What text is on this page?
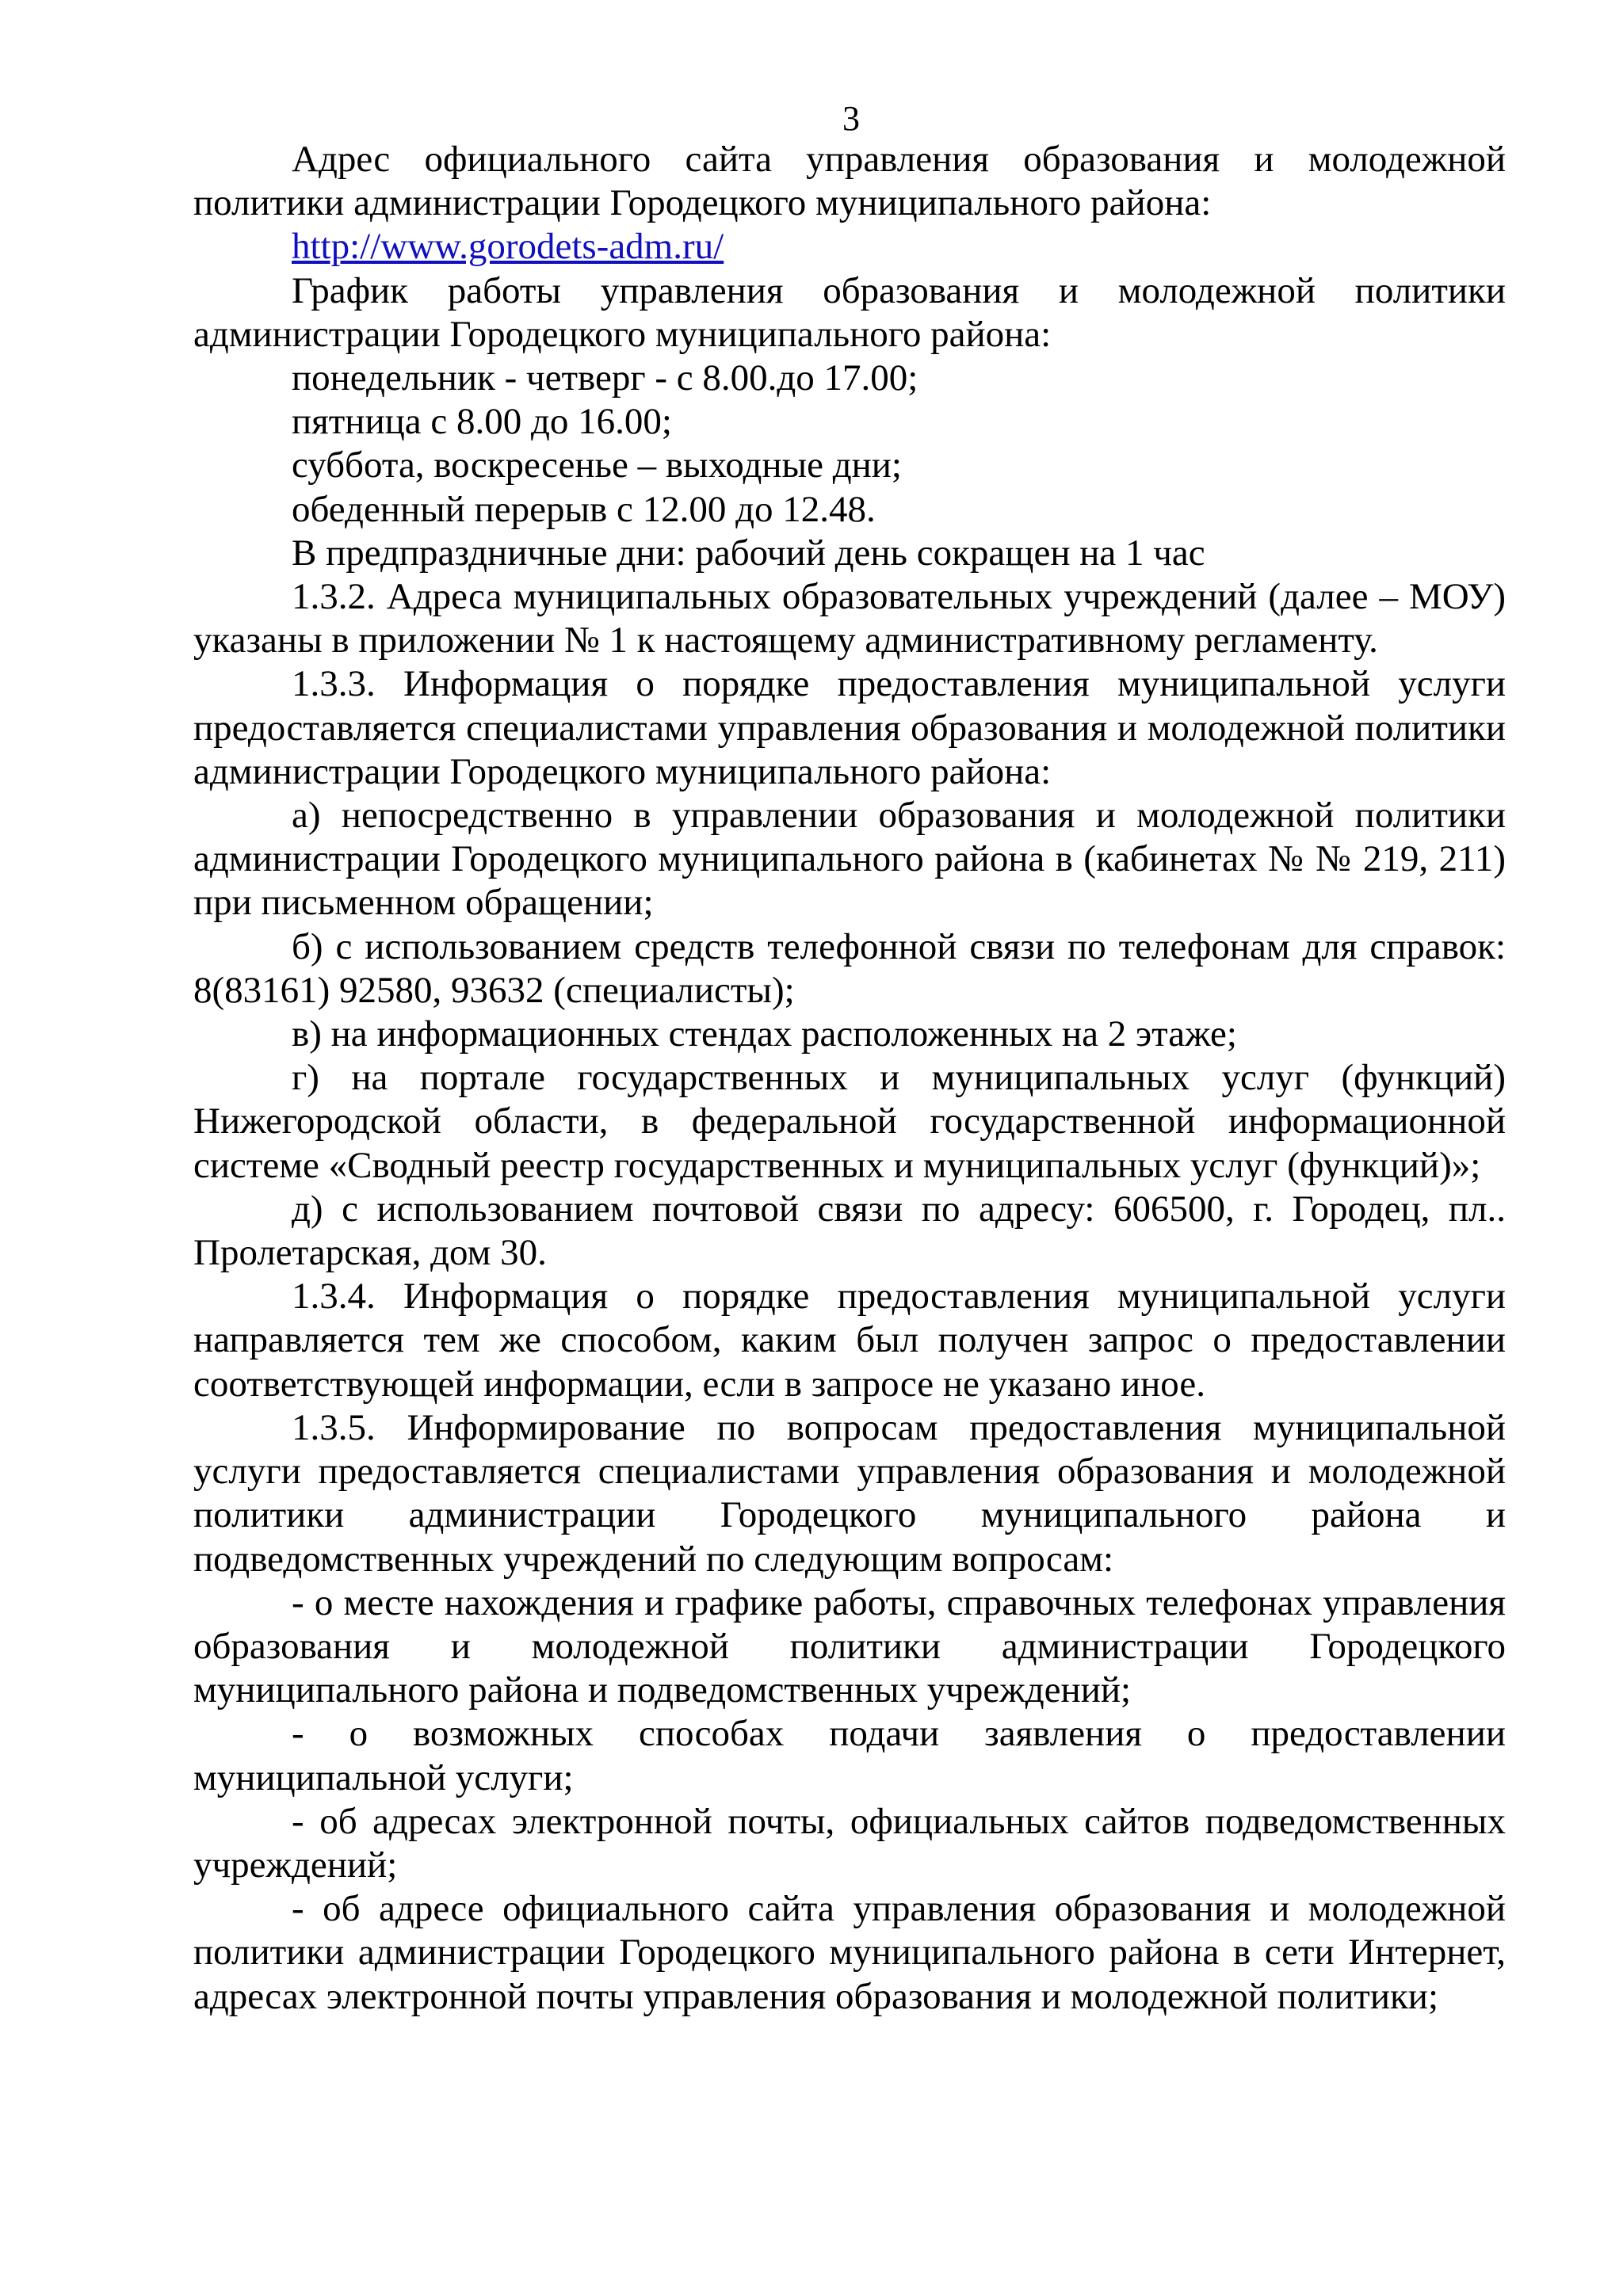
3

Адрес официального сайта управления образования и молодежной политики администрации Городецкого муниципального района:

http://www.gorodets-adm.ru/

График работы управления образования и молодежной политики администрации Городецкого муниципального района:

понедельник - четверг - с 8.00.до 17.00;

пятница с 8.00 до 16.00;

суббота, воскресенье – выходные дни;

обеденный перерыв с 12.00 до 12.48.

В предпраздничные дни: рабочий день сокращен на 1 час

1.3.2. Адреса муниципальных образовательных учреждений (далее – МОУ) указаны в приложении № 1 к настоящему административному регламенту.

1.3.3. Информация о порядке предоставления муниципальной услуги предоставляется специалистами управления образования и молодежной политики администрации Городецкого муниципального района:

а) непосредственно в управлении образования и молодежной политики администрации Городецкого муниципального района в (кабинетах № № 219, 211) при письменном обращении;

б) с использованием средств телефонной связи по телефонам для справок: 8(83161) 92580, 93632 (специалисты);

в) на информационных стендах расположенных на 2 этаже;

г) на портале государственных и муниципальных услуг (функций) Нижегородской области, в федеральной государственной информационной системе «Сводный реестр государственных и муниципальных услуг (функций)»;

д) с использованием почтовой связи по адресу: 606500, г. Городец, пл.. Пролетарская, дом 30.

1.3.4. Информация о порядке предоставления муниципальной услуги направляется тем же способом, каким был получен запрос о предоставлении соответствующей информации, если в запросе не указано иное.

1.3.5. Информирование по вопросам предоставления муниципальной услуги предоставляется специалистами управления образования и молодежной политики администрации Городецкого муниципального района и подведомственных учреждений по следующим вопросам:

- о месте нахождения и графике работы, справочных телефонах управления образования и молодежной политики администрации Городецкого муниципального района и подведомственных учреждений;

- о возможных способах подачи заявления о предоставлении муниципальной услуги;

- об адресах электронной почты, официальных сайтов подведомственных учреждений;

- об адресе официального сайта управления образования и молодежной политики администрации Городецкого муниципального района в сети Интернет, адресах электронной почты управления образования и молодежной политики;
